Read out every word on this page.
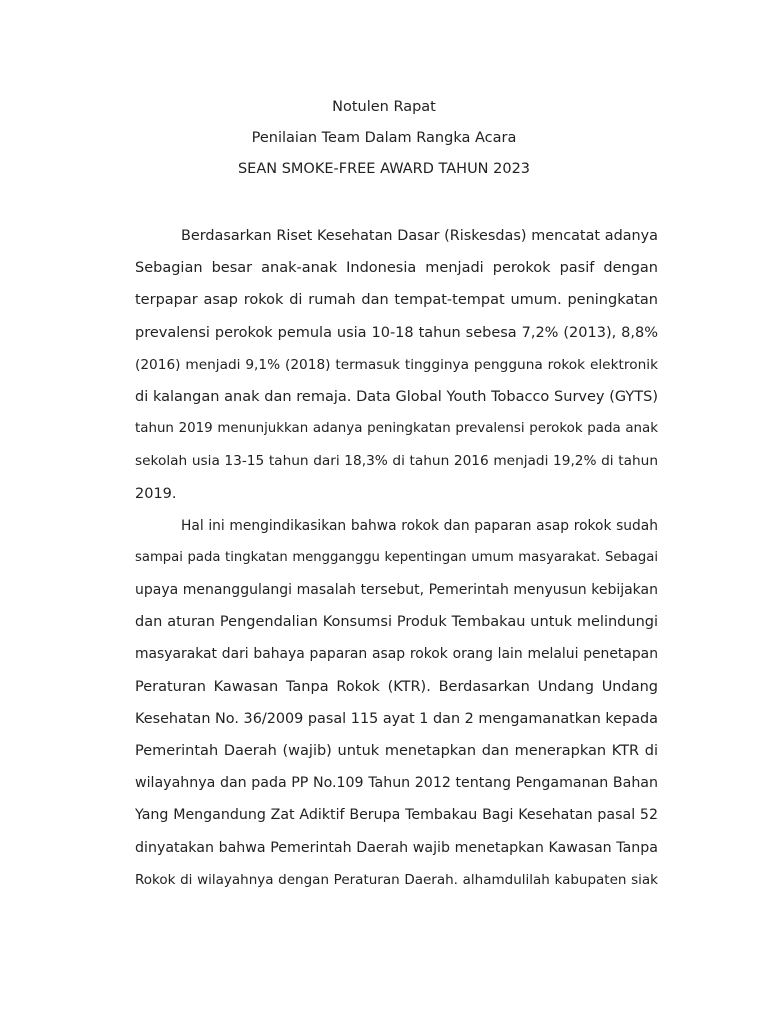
Notulen Rapat
Penilaian Team Dalam Rangka Acara
SEAN SMOKE-FREE AWARD TAHUN 2023
Berdasarkan Riset Kesehatan Dasar (Riskesdas) mencatat adanya
Sebagian besar anak-anak Indonesia menjadi perokok pasif dengan
terpapar asap rokok di rumah dan tempat-tempat umum. peningkatan
prevalensi perokok pemula usia 10-18 tahun sebesa 7,2% (2013), 8,8%
(2016) menjadi 9,1% (2018) termasuk tingginya pengguna rokok elektronik
di kalangan anak dan remaja. Data Global Youth Tobacco Survey (GYTS)
tahun 2019 menunjukkan adanya peningkatan prevalensi perokok pada anak
sekolah usia 13-15 tahun dari 18,3% di tahun 2016 menjadi 19,2% di tahun
2019.
Hal ini mengindikasikan bahwa rokok dan paparan asap rokok sudah
sampai pada tingkatan mengganggu kepentingan umum masyarakat. Sebagai
upaya menanggulangi masalah tersebut, Pemerintah menyusun kebijakan
dan aturan Pengendalian Konsumsi Produk Tembakau untuk melindungi
masyarakat dari bahaya paparan asap rokok orang lain melalui penetapan
Peraturan Kawasan Tanpa Rokok (KTR). Berdasarkan Undang Undang
Kesehatan No. 36/2009 pasal 115 ayat 1 dan 2 mengamanatkan kepada
Pemerintah Daerah (wajib) untuk menetapkan dan menerapkan KTR di
wilayahnya dan pada PP No.109 Tahun 2012 tentang Pengamanan Bahan
Yang Mengandung Zat Adiktif Berupa Tembakau Bagi Kesehatan pasal 52
dinyatakan bahwa Pemerintah Daerah wajib menetapkan Kawasan Tanpa
Rokok di wilayahnya dengan Peraturan Daerah. alhamdulilah kabupaten siak
